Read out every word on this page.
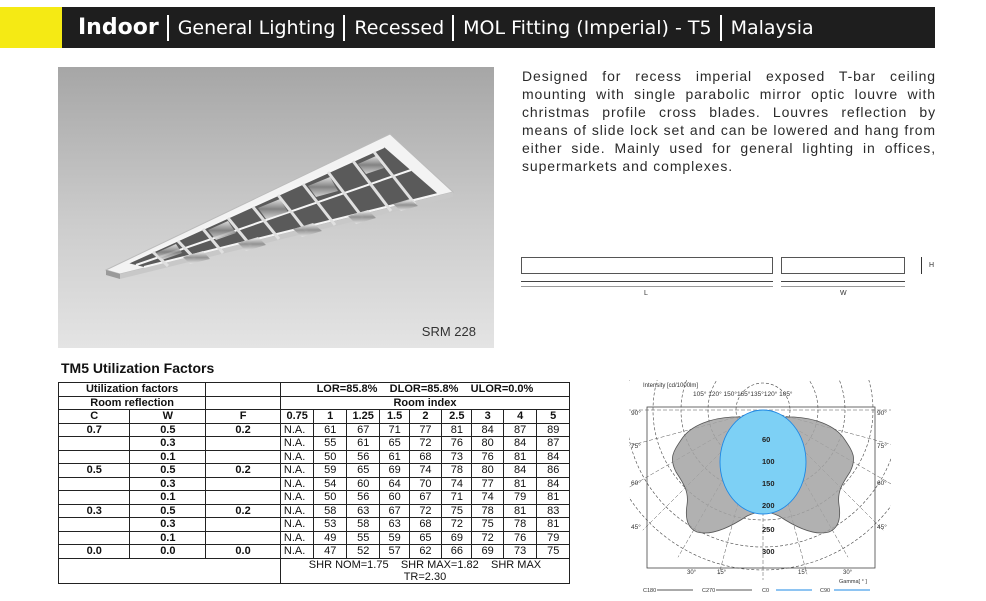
Indoor General Lighting Recessed MOL Fitting (Imperial) - T5 Malaysia
SRM 228

Designed for recess imperial exposed T-bar ceiling mounting with single parabolic mirror optic louvre with christmas profile cross blades. Louvres reflection by means of slide lock set and can be lowered and hang from either side. Mainly used for general lighting in offices, supermarkets and complexes.

L	W
H
TM5 Utilization Factors
Utilization factors			LOR=85.8% DLOR=85.8% ULOR=0.0%								
Room reflection			Room index								
C	W	F	0.75	1	1.25	1.5	2	2.5	3	4	5
0.7	0.5	0.2	N.A.	61	67	71	77	81	84	87	89
	0.3		N.A.	55	61	65	72	76	80	84	87
	0.1		N.A.	50	56	61	68	73	76	81	84
0.5	0.5	0.2	N.A.	59	65	69	74	78	80	84	86
	0.3		N.A.	54	60	64	70	74	77	81	84
	0.1		N.A.	50	56	60	67	71	74	79	81
0.3	0.5	0.2	N.A.	58	63	67	72	75	78	81	83
	0.3		N.A.	53	58	63	68	72	75	78	81
	0.1		N.A.	49	55	59	65	69	72	76	79
0.0	0.0	0.0	N.A.	47	52	57	62	66	69	73	75
			SHR NOM=1.75 SHR MAX=1.82 SHR MAX
TR=2.30								
Intensity [cd/1000lm]
105° 120° 150°165°135°120° 105°
60
100
150
200
250
300
90°
75°
60°
45°
90°
75°
60°
45°
30°	15°	15°	30°
Gamma[ ° ]
C180	C270	C0	C90
